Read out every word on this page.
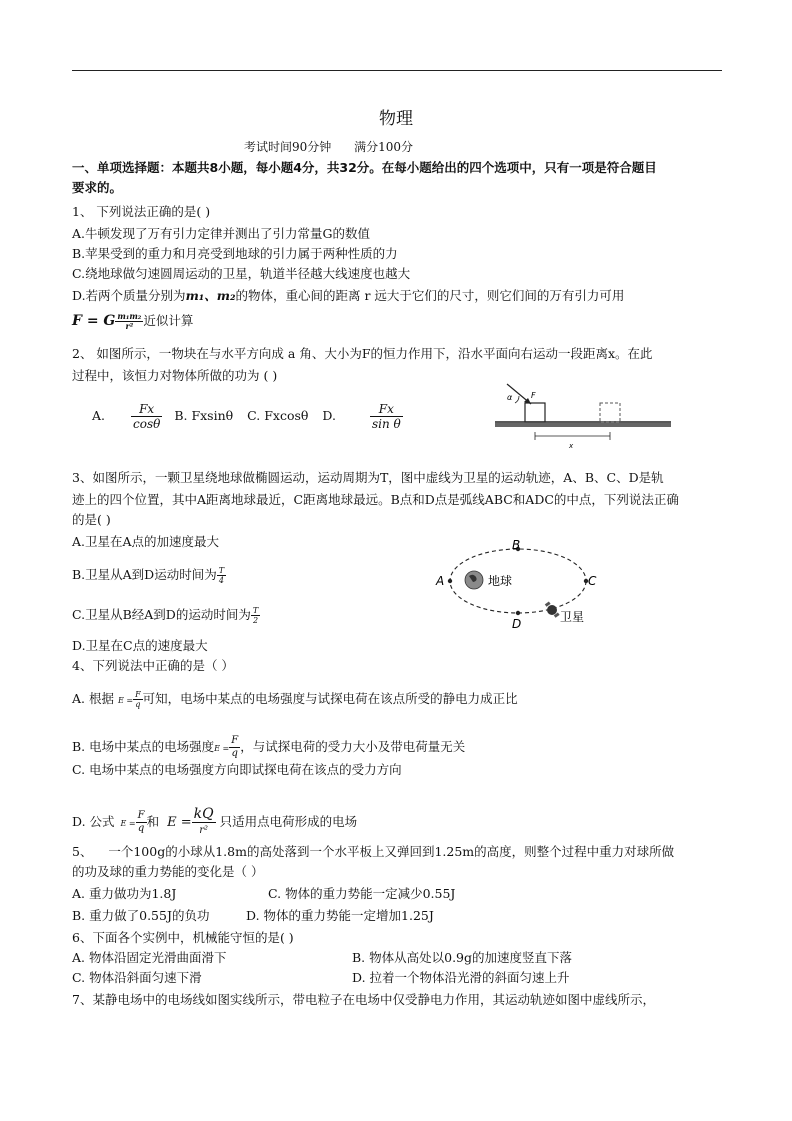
物理
考试时间90分钟      满分100分
一、单项选择题：本题共8小题，每小题4分，共32分。在每小题给出的四个选项中，只有一项是符合题目
要求的。
1、 下列说法正确的是( )
A.牛顿发现了万有引力定律并测出了引力常量G的数值
B.苹果受到的重力和月亮受到地球的引力属于两种性质的力
C.绕地球做匀速圆周运动的卫星，轨道半径越大线速度也越大
D.若两个质量分别为m₁、m₂的物体，重心间的距离 r 远大于它们的尺寸，则它们间的万有引力可用
F = G $\frac{\text{m₁m₂}}{\text{r²}}$ 近似计算
2、 如图所示，一物块在与水平方向成 a 角、大小为F的恒力作用下，沿水平面向右运动一段距离x。在此
过程中，该恒力对物体所做的功为 ( )
A. $\frac{Fx}{\cos\theta} B$. Fxsinθ C. Fxcosθ D.	$\frac{Fx}{\text{sin θ}}$
α F
x
3、如图所示，一颗卫星绕地球做椭圆运动，运动周期为T，图中虚线为卫星的运动轨迹，A、B、C、D是轨
迹上的四个位置，其中A距离地球最近，C距离地球最远。B点和D点是弧线ABC和ADC的中点，下列说法正确
的是( )
A.卫星在A点的加速度最大
B.卫星从A到D运动时间为 $\frac{T}{4}$
C.卫星从B经A到D的运动时间为 $\frac{T}{2}$
D.卫星在C点的速度最大
地球
A
B
C
D	卫星
4、下列说法中正确的是（ ）
A. 根据 $E = \frac{F}{q}$ 可知，电场中某点的电场强度与试探电荷在该点所受的静电力成正比
B. 电场中某点的电场强度$E = \frac{F}{q}$ ，与试探电荷的受力大小及带电荷量无关
C. 电场中某点的电场强度方向即试探电荷在该点的受力方向
D. 公式 $E = \frac{F}{q}$ 和 $E = \frac{kQ}{\text{r²}}$ 只适用点电荷形成的电场
5、    一个100g的小球从1.8m的高处落到一个水平板上又弹回到1.25m的高度，则整个过程中重力对球所做
的功及球的重力势能的变化是（ ）
A. 重力做功为1.8J	C. 物体的重力势能一定减少0.55J
B. 重力做了0.55J的负功	D. 物体的重力势能一定增加1.25J
6、下面各个实例中，机械能守恒的是( )
A. 物体沿固定光滑曲面滑下	B. 物体从高处以0.9g的加速度竖直下落
C. 物体沿斜面匀速下滑	D. 拉着一个物体沿光滑的斜面匀速上升
7、某静电场中的电场线如图实线所示，带电粒子在电场中仅受静电力作用，其运动轨迹如图中虚线所示，
